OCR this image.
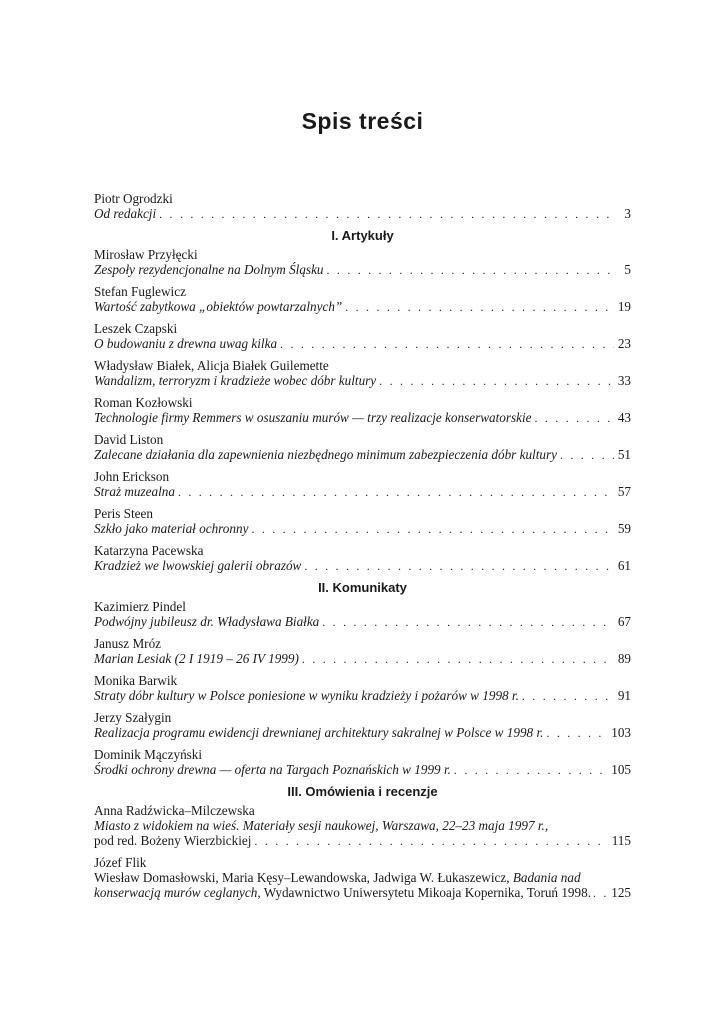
Spis treści
Piotr Ogrodzki
Od redakcji . . .	3
I. Artykuły
Mirosław Przyłęcki
Zespoły rezydencjonalne na Dolnym Śląsku . . .	5
Stefan Fuglewicz
Wartość zabytkowa „obiektów powtarzalnych” . . .	19
Leszek Czapski
O budowaniu z drewna uwag kilka . . .	23
Władysław Białek, Alicja Białek Guilemette
Wandalizm, terroryzm i kradzieże wobec dóbr kultury . . .	33
Roman Kozłowski
Technologie firmy Remmers w osuszaniu murów — trzy realizacje konserwatorskie . . .	43
David Liston
Zalecane działania dla zapewnienia niezbędnego minimum zabezpieczenia dóbr kultury . . .	51
John Erickson
Straż muzealna . . .	57
Peris Steen
Szkło jako materiał ochronny . . .	59
Katarzyna Pacewska
Kradzież we lwowskiej galerii obrazów . . .	61
II. Komunikaty
Kazimierz Pindel
Podwójny jubileusz dr. Władysława Białka . . .	67
Janusz Mróz
Marian Lesiak (2 I 1919 – 26 IV 1999) . . .	89
Monika Barwik
Straty dóbr kultury w Polsce poniesione w wyniku kradzieży i pożarów w 1998 r. . . .	91
Jerzy Szałygin
Realizacja programu ewidencji drewnianej architektury sakralnej w Polsce w 1998 r. . . .	103
Dominik Mączyński
Środki ochrony drewna — oferta na Targach Poznańskich w 1999 r. . . .	105
III. Omówienia i recenzje
Anna Radźwicka–Milczewska
Miasto z widokiem na wieś. Materiały sesji naukowej, Warszawa, 22–23 maja 1997 r.,
pod red. Bożeny Wierzbickiej . . .	115
Józef Flik
Wiesław Domasłowski, Maria Kęsy–Lewandowska, Jadwiga W. Łukaszewicz, Badania nad
konserwacją murów ceglanych, Wydawnictwo Uniwersytetu Mikoaja Kopernika, Toruń 1998. . . . 125
